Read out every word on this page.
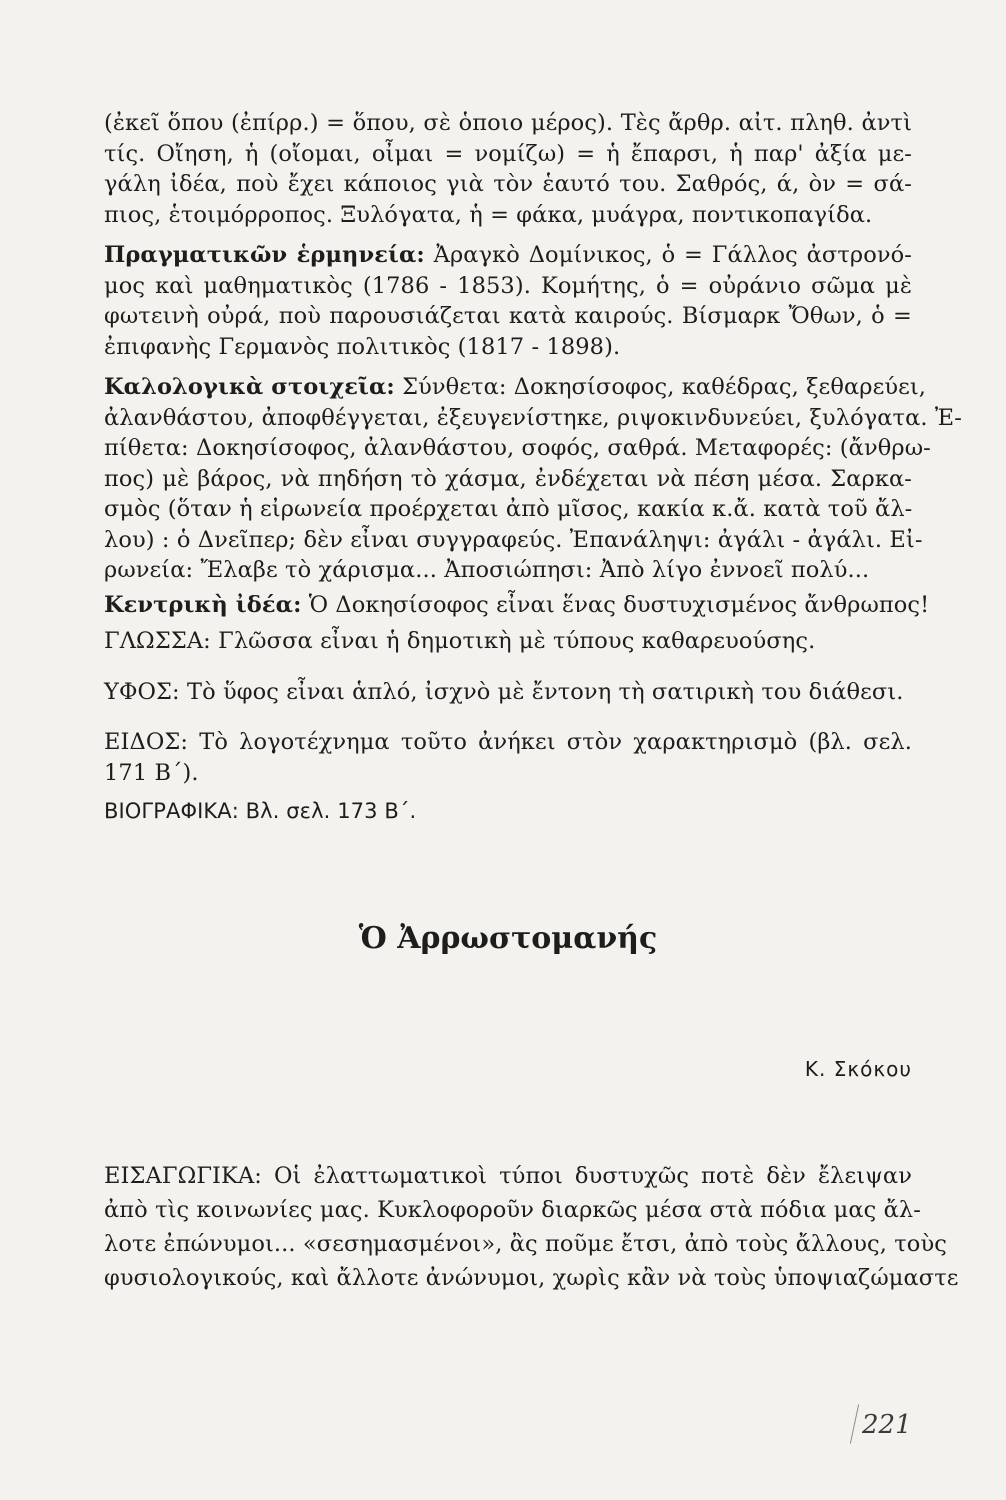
(ἐκεῖ ὅπου (ἐπίρρ.) = ὅπου, σὲ ὁποιο μέρος). Τὲς ἄρθρ. αἰτ. πληθ. ἀντὶ
τίς. Οἴηση, ἡ (οἴομαι, οἶμαι = νομίζω) = ἡ ἔπαρσι, ἡ παρ' ἀξία με-
γάλη ἰδέα, ποὺ ἔχει κάποιος γιὰ τὸν ἑαυτό του. Σαθρός, ά, ὸν = σά-
πιος, ἑτοιμόρροπος. Ξυλόγατα, ἡ = φάκα, μυάγρα, ποντικοπαγίδα.
Πραγματικῶν ἑρμηνεία: Ἀραγκὸ Δομίνικος, ὁ = Γάλλος ἀστρονό-
μος καὶ μαθηματικὸς (1786 - 1853). Κομήτης, ὁ = οὐράνιο σῶμα μὲ
φωτεινὴ οὐρά, ποὺ παρουσιάζεται κατὰ καιρούς. Βίσμαρκ Ὄθων, ὁ =
ἐπιφανὴς Γερμανὸς πολιτικὸς (1817 - 1898).
Καλολογικὰ στοιχεῖα: Σύνθετα: Δοκησίσοφος, καθέδρας, ξεθαρεύει,
ἀλανθάστου, ἀποφθέγγεται, ἐξευγενίστηκε, ριψοκινδυνεύει, ξυλόγατα. Ἐ-
πίθετα: Δοκησίσοφος, ἀλανθάστου, σοφός, σαθρά. Μεταφορές: (ἄνθρω-
πος) μὲ βάρος, νὰ πηδήση τὸ χάσμα, ἐνδέχεται νὰ πέση μέσα. Σαρκα-
σμὸς (ὅταν ἡ εἰρωνεία προέρχεται ἀπὸ μῖσος, κακία κ.ἄ. κατὰ τοῦ ἄλ-
λου) : ὁ Δνεῖπερ; δὲν εἶναι συγγραφεύς. Ἐπανάληψι: ἀγάλι - ἀγάλι. Εἰ-
ρωνεία: Ἔλαβε τὸ χάρισμα... Ἀποσιώπησι: Ἀπὸ λίγο ἐννοεῖ πολύ...
Κεντρικὴ ἰδέα: Ὁ Δοκησίσοφος εἶναι ἕνας δυστυχισμένος ἄνθρωπος!
ΓΛΩΣΣΑ: Γλῶσσα εἶναι ἡ δημοτικὴ μὲ τύπους καθαρευούσης.
ΥΦΟΣ: Τὸ ὕφος εἶναι ἁπλό, ἰσχνὸ μὲ ἔντονη τὴ σατιρικὴ του διάθεσι.
ΕΙΔΟΣ: Τὸ λογοτέχνημα τοῦτο ἀνήκει στὸν χαρακτηρισμὸ (βλ. σελ.
171 Β΄).
ΒΙΟΓΡΑΦΙΚΑ: Βλ. σελ. 173 Β΄.
Ὁ Ἀρρωστομανής
Κ. Σκόκου
ΕΙΣΑΓΩΓΙΚΑ: Οἱ ἐλαττωματικοὶ τύποι δυστυχῶς ποτὲ δὲν ἔλειψαν
ἀπὸ τὶς κοινωνίες μας. Κυκλοφοροῦν διαρκῶς μέσα στὰ πόδια μας ἄλ-
λοτε ἐπώνυμοι... «σεσημασμένοι», ἂς ποῦμε ἔτσι, ἀπὸ τοὺς ἄλλους, τοὺς
φυσιολογικούς, καὶ ἄλλοτε ἀνώνυμοι, χωρὶς κἂν νὰ τοὺς ὑποψιαζώμαστε
221
